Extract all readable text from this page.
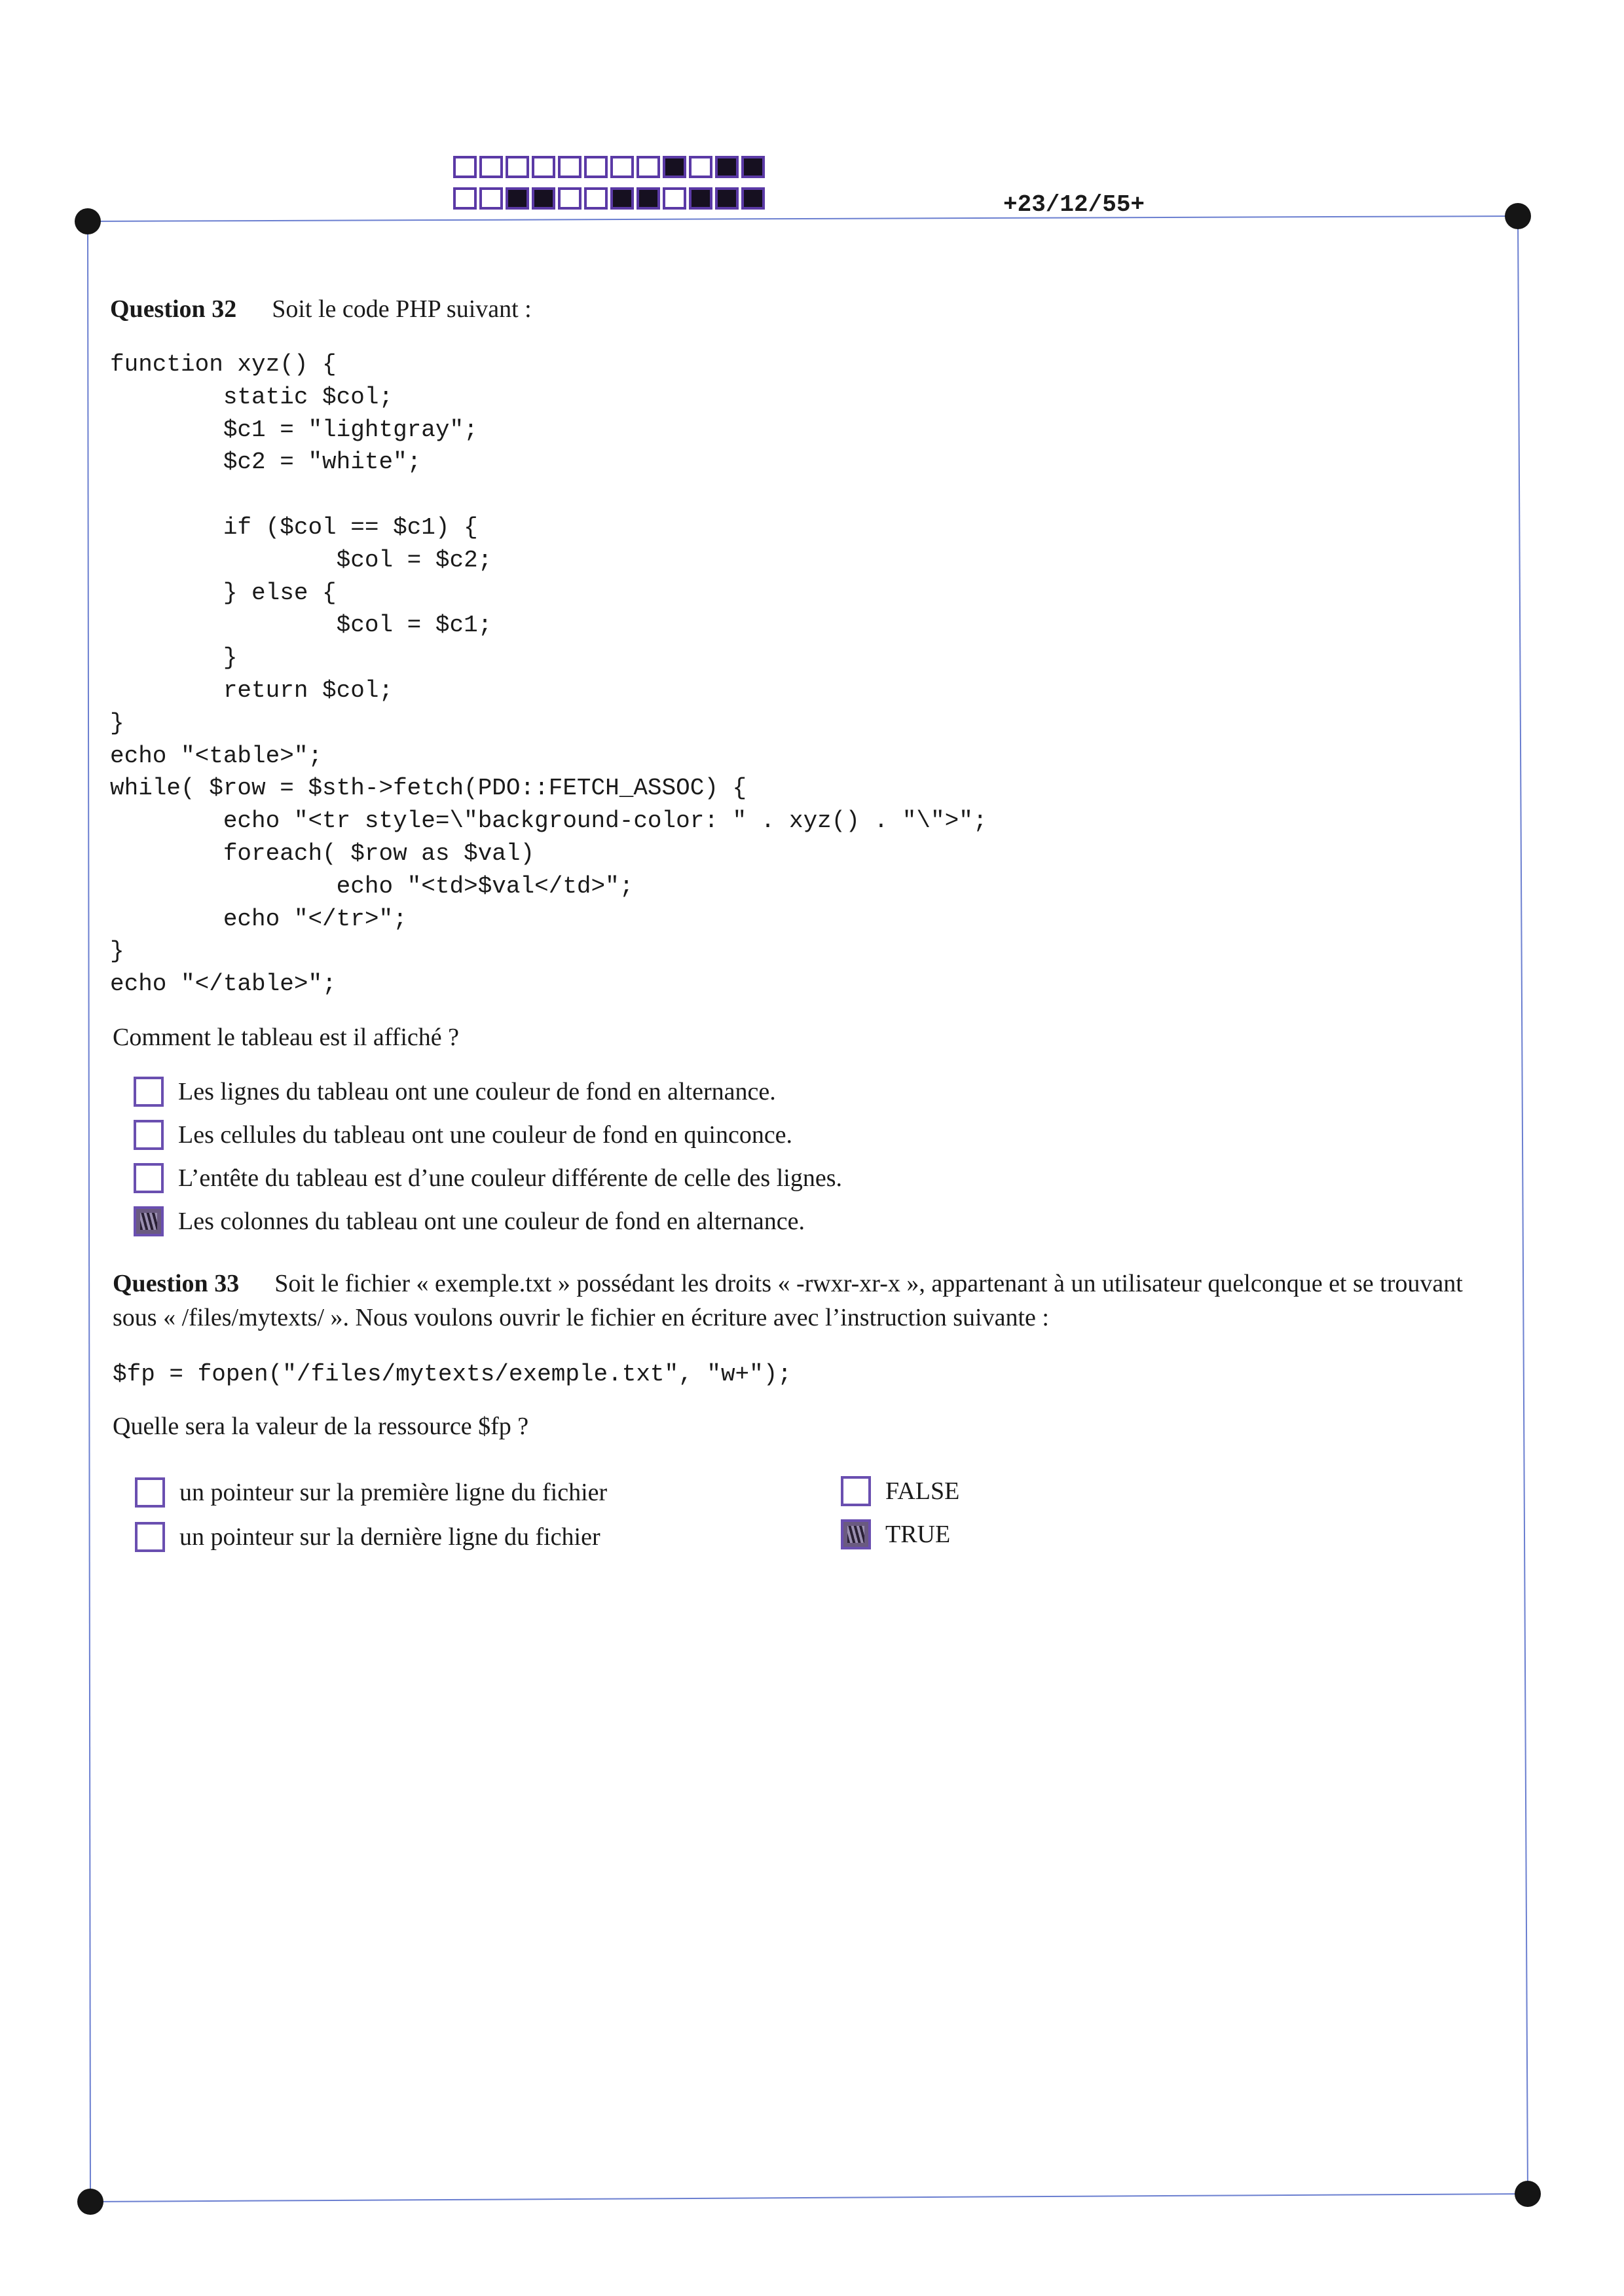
+23/12/55+
Question 32 Soit le code PHP suivant :
function xyz() {
static $col;
$c1 = "lightgray";
$c2 = "white";

if ($col == $c1) {
$col = $c2;
} else {
$col = $c1;
}
return $col;
}
echo "<table>";
while( $row = $sth->fetch(PDO::FETCH_ASSOC) {
echo "<tr style=\"background-color: " . xyz() . "\">";
foreach( $row as $val)
echo "<td>$val</td>";
echo "</tr>";
}
echo "</table>";
Comment le tableau est il affiché ?
Les lignes du tableau ont une couleur de fond en alternance.
Les cellules du tableau ont une couleur de fond en quinconce.
L’entête du tableau est d’une couleur différente de celle des lignes.
Les colonnes du tableau ont une couleur de fond en alternance.
Question 33 Soit le fichier « exemple.txt » possédant les droits « -rwxr-xr-x », appartenant à un utilisateur quelconque et se trouvant sous « /files/mytexts/ ». Nous voulons ouvrir le fichier en écriture avec l’instruction suivante :
$fp = fopen("/files/mytexts/exemple.txt", "w+");
Quelle sera la valeur de la ressource $fp ?
un pointeur sur la première ligne du fichier
un pointeur sur la dernière ligne du fichier
FALSE
TRUE
